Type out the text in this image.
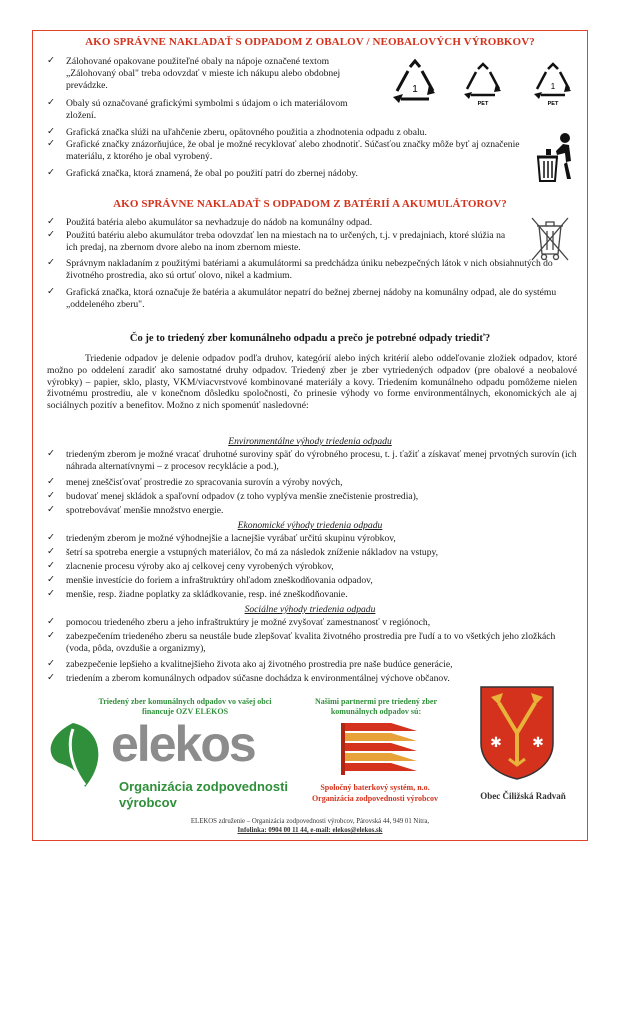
AKO SPRÁVNE NAKLADAŤ S ODPADOM Z OBALOV / NEOBALOVÝCH VÝROBKOV?
✓	Zálohované opakovane použiteľné obaly na nápoje označené textom „Zálohovaný obal" treba odovzdať v mieste ich nákupu alebo obdobnej prevádzke.
✓	Obaly sú označované grafickými symbolmi s údajom o ich materiálovom zložení.
✓	Grafická značka slúži na uľahčenie zberu, opätovného použitia a zhodnotenia odpadu z obalu.
✓	Grafické značky znázorňujúce, že obal je možné recyklovať alebo zhodnotiť. Súčasťou značky môže byť aj označenie materiálu, z ktorého je obal vyrobený.
✓	Grafická značka, ktorá znamená, že obal po použití patrí do zbernej nádoby.
1
PET
1
PET
AKO SPRÁVNE NAKLADAŤ S ODPADOM Z BATÉRIÍ A AKUMULÁTOROV?
✓	Použitá batéria alebo akumulátor sa nevhadzuje do nádob na komunálny odpad.
✓	Použitú batériu alebo akumulátor treba odovzdať len na miestach na to určených, t.j. v predajniach, ktoré slúžia na ich predaj, na zbernom dvore alebo na inom zbernom mieste.
✓	Správnym nakladaním z použitými batériami a akumulátormi sa predchádza úniku nebezpečných látok v nich obsiahnutých do životného prostredia, ako sú ortuť olovo, nikel a kadmium.
✓	Grafická značka, ktorá označuje že batéria a akumulátor nepatrí do bežnej zbernej nádoby na komunálny odpad, ale do systému „oddeleného zberu".
Čo je to triedený zber komunálneho odpadu a prečo je potrebné odpady triediť?
Triedenie odpadov je delenie odpadov podľa druhov, kategórií alebo iných kritérií alebo oddeľovanie zložiek odpadov, ktoré možno po oddelení zaradiť ako samostatné druhy odpadov. Triedený zber je zber vytriedených odpadov (pre obalové a neobalové výrobky) – papier, sklo, plasty, VKM/viacvrstvové kombinované materiály a kovy. Triedením komunálneho odpadu pomôžeme nielen životnému prostrediu, ale v konečnom dôsledku spoločnosti, čo prinesie výhody vo forme environmentálnych, ekonomických ale aj sociálnych pozitív a benefitov. Možno z nich spomenúť nasledovné:
Environmentálne výhody triedenia odpadu
✓	triedeným zberom je možné vracať druhotné suroviny späť do výrobného procesu, t. j. ťažiť a získavať menej prvotných surovín (ich náhrada alternatívnymi – z procesov recyklácie a pod.),
✓	menej zneščisťovať prostredie zo spracovania surovín a výroby nových,
✓	budovať menej skládok a spaľovní odpadov (z toho vyplýva menšie znečistenie prostredia),
✓	spotrebovávať menšie množstvo energie.
Ekonomické výhody triedenia odpadu
✓	triedeným zberom je možné výhodnejšie a lacnejšie vyrábať určitú skupinu výrobkov,
✓	šetrí sa spotreba energie a vstupných materiálov, čo má za následok zníženie nákladov na vstupy,
✓	zlacnenie procesu výroby ako aj celkovej ceny vyrobených výrobkov,
✓	menšie investície do foriem a infraštruktúry ohľadom zneškodňovania odpadov,
✓	menšie, resp. žiadne poplatky za skládkovanie, resp. iné zneškodňovanie.
Sociálne výhody triedenia odpadu
✓	pomocou triedeného zberu a jeho infraštruktúry je možné zvyšovať zamestnanosť v regiónoch,
✓	zabezpečením triedeného zberu sa neustále bude zlepšovať kvalita životného prostredia pre ľudí a to vo všetkých jeho zložkách (voda, pôda, ovzdušie a organizmy),
✓	zabezpečenie lepšieho a kvalitnejšieho života ako aj životného prostredia pre naše budúce generácie,
✓	triedením a zberom komunálnych odpadov súčasne dochádza k environmentálnej výchove občanov.
Triedený zber komunálnych odpadov vo vašej obci financuje OZV ELEKOS
elekos
Organizácia zodpovednosti
výrobcov
Našimi partnermi pre triedený zber komunálnych odpadov sú:
Spoločný baterkový systém, n.o.
Organizácia zodpovednosti výrobcov
✱ ✱
Obec Čiližská Radvaň
ELEKOS združenie – Organizácia zodpovednosti výrobcov, Párovská 44, 949 01 Nitra,
Infolinka: 0904 00 11 44, e-mail: elekos@elekos.sk
